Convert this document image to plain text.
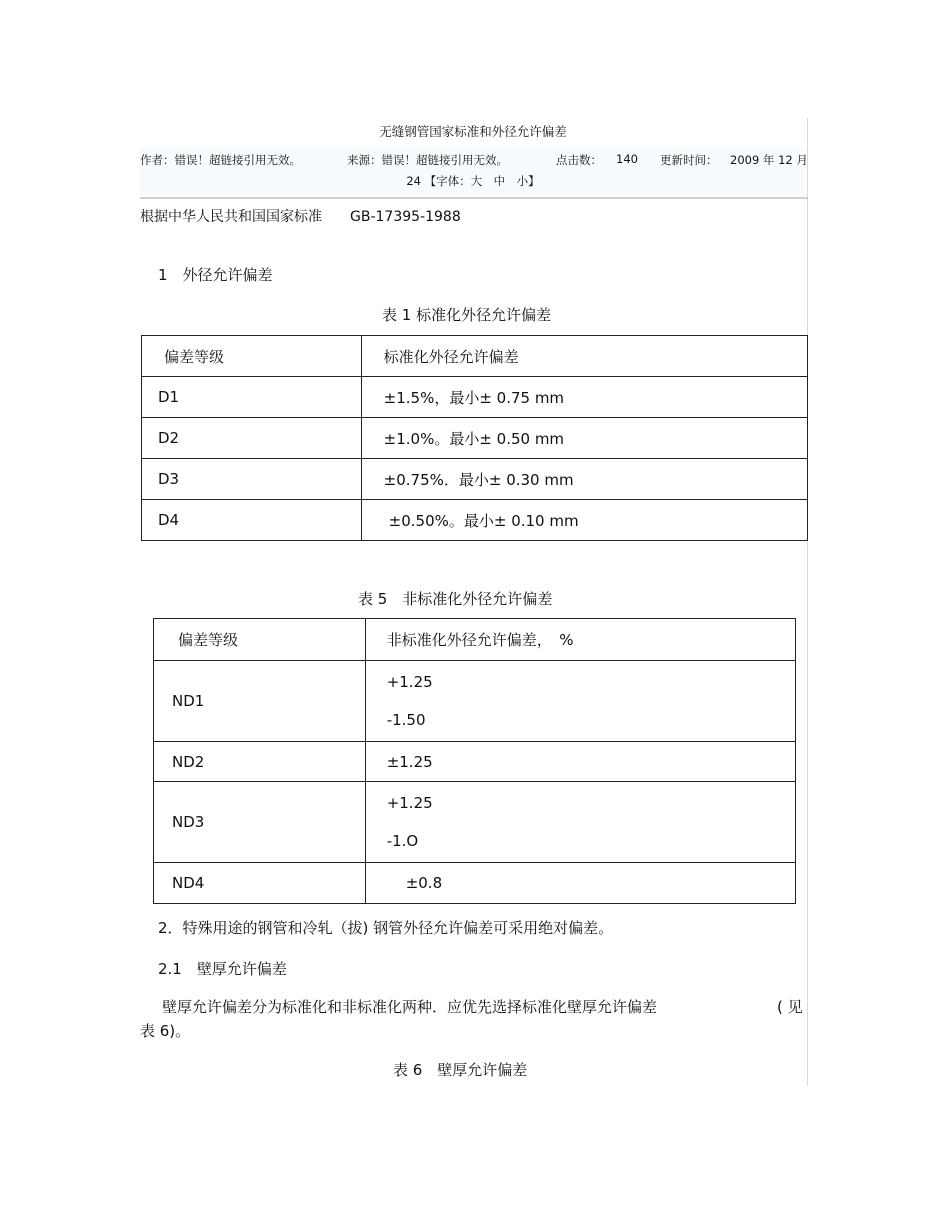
无缝钢管国家标准和外径允许偏差
作者：错误！超链接引用无效。	来源：错误！超链接引用无效。	点击数： 140 更新时间： 2009 年 12 月
24 【字体：大　中　小】
根据中华人民共和国国家标准 GB-17395-1988
1　外径允许偏差
表 1 标准化外径允许偏差
偏差等级	标准化外径允许偏差
D1	±1.5%，最小± 0.75 mm
D2	±1.0%。最小± 0.50 mm
D3	±0.75%．最小± 0.30 mm
D4	±0.50%。最小± 0.10 mm
表 5　非标准化外径允许偏差
偏差等级	非标准化外径允许偏差，　%
ND1	+1.25
-1.50

ND2	±1.25
ND3	+1.25
-1.O

ND4	±0.8
2．特殊用途的钢管和冷轧（拔) 钢管外径允许偏差可采用绝对偏差。
2.1　壁厚允许偏差
壁厚允许偏差分为标准化和非标准化两种．应优先选择标准化壁厚允许偏差	( 见
表 6)。
表 6　壁厚允许偏差
